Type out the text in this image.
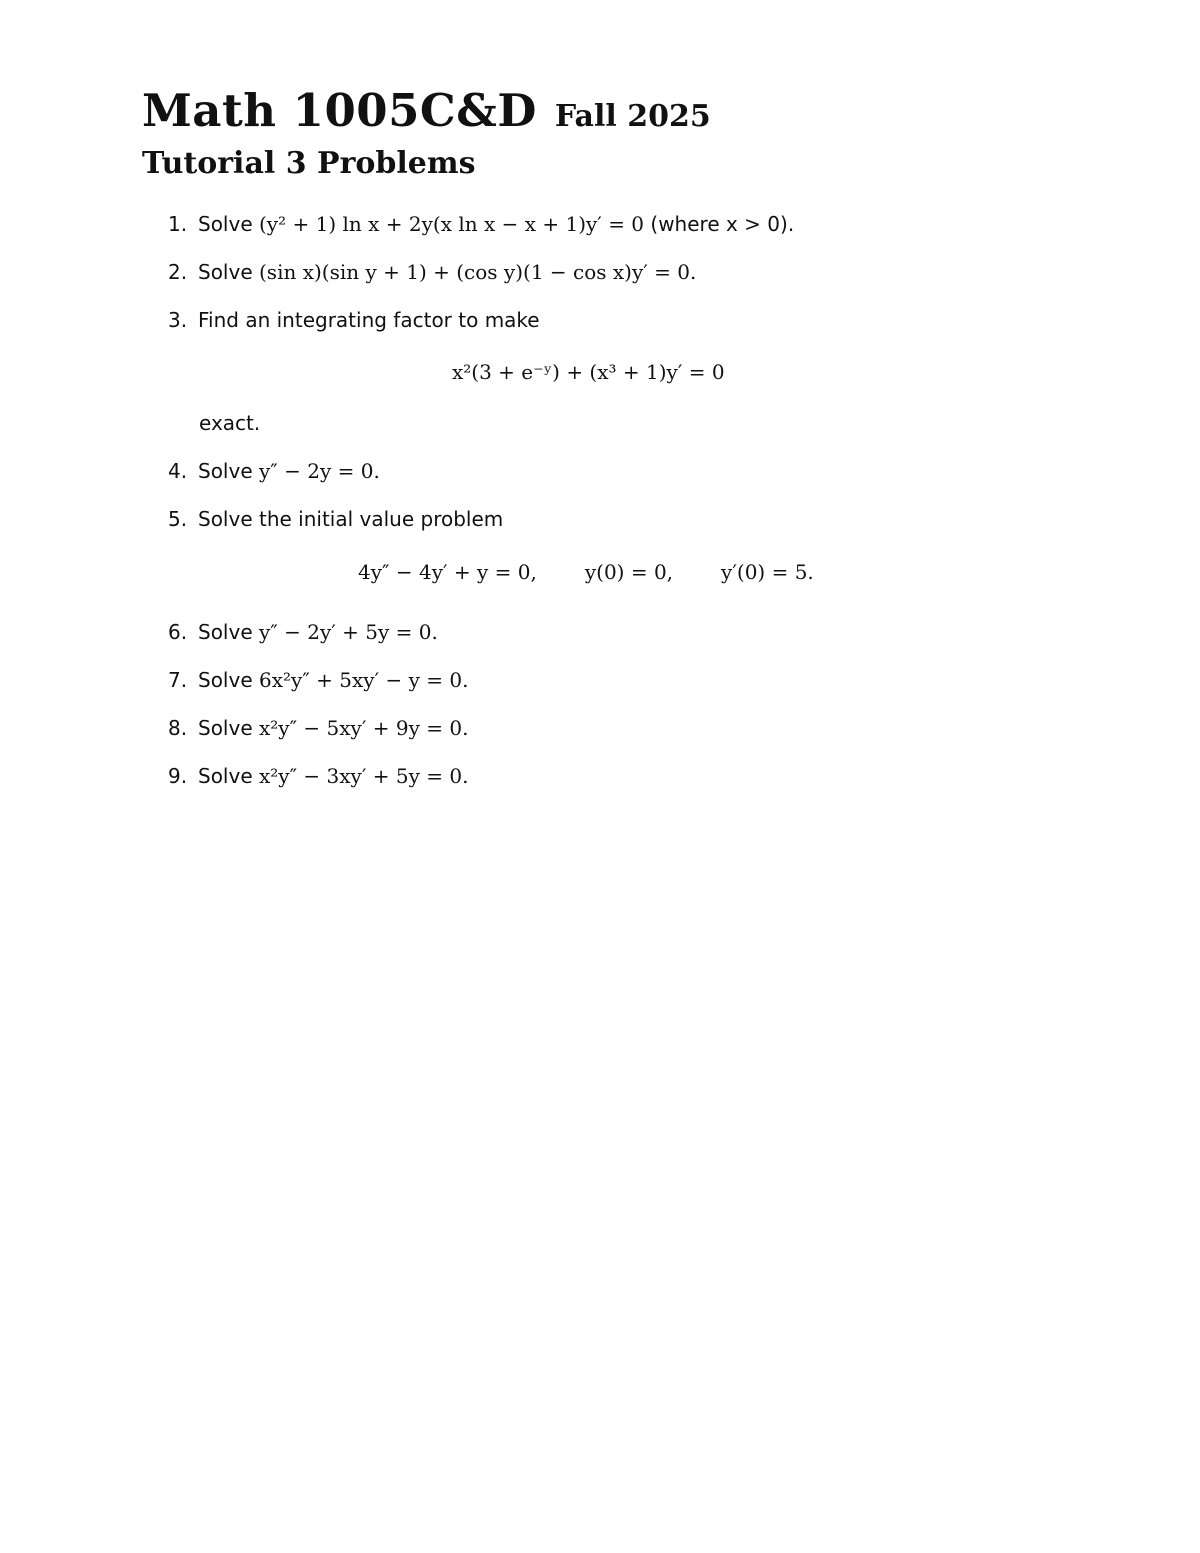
Math 1005C&D Fall 2025
Tutorial 3 Problems
1. Solve (y² + 1) ln x + 2y(x ln x − x + 1)y′ = 0 (where x > 0).
2. Solve (sin x)(sin y + 1) + (cos y)(1 − cos x)y′ = 0.
3. Find an integrating factor to make
x²(3 + e⁻ʸ) + (x³ + 1)y′ = 0
exact.
4. Solve y″ − 2y = 0.
5. Solve the initial value problem
4y″ − 4y′ + y = 0, y(0) = 0, y′(0) = 5.
6. Solve y″ − 2y′ + 5y = 0.
7. Solve 6x²y″ + 5xy′ − y = 0.
8. Solve x²y″ − 5xy′ + 9y = 0.
9. Solve x²y″ − 3xy′ + 5y = 0.
